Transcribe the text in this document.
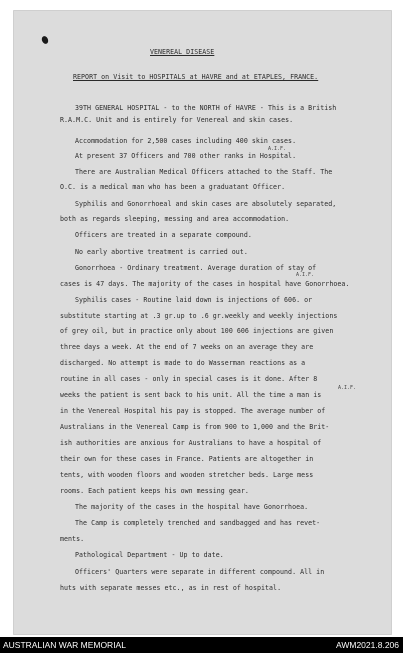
VENEREAL DISEASE
REPORT on Visit to HOSPITALS at HAVRE and at ETAPLES, FRANCE.
39TH GENERAL HOSPITAL - to the NORTH of HAVRE - This is a British
R.A.M.C. Unit and is entirely for Venereal and skin cases.
Accommodation for 2,500 cases including 400 skin cases.
A.I.F.
At present 37 Officers and 700 other ranks in Hospital.
There are Australian Medical Officers attached to the Staff. The
O.C. is a medical man who has been a graduatant Officer.
Syphilis and Gonorrhoeal and skin cases are absolutely separated,
both as regards sleeping, messing and area accommodation.
Officers are treated in a separate compound.
No early abortive treatment is carried out.
Gonorrhoea - Ordinary treatment. Average duration of stay of
cases is 47 days. The majority of the cases in hospital have Gonorrhoea.
Syphilis cases - Routine laid down is injections of 606. or
substitute starting at .3 gr.up to .6 gr.weekly and weekly injections
of grey oil, but in practice only about 100 606 injections are given
three days a week. At the end of 7 weeks on an average they are
discharged. No attempt is made to do Wasserman reactions as a
routine in all cases - only in special cases is it done. After 8
A.I.F.
weeks the patient is sent back to his unit. All the time a man is
in the Venereal Hospital his pay is stopped. The average number of
Australians in the Venereal Camp is from 900 to 1,000 and the Brit-
ish authorities are anxious for Australians to have a hospital of
their own for these cases in France. Patients are altogether in
tents, with wooden floors and wooden stretcher beds. Large mess
rooms. Each patient keeps his own messing gear.
The majority of the cases in the hospital have Gonorrhoea.
The Camp is completely trenched and sandbagged and has revet-
ments.
Pathological Department - Up to date.
Officers' Quarters were separate in different compound. All in
huts with separate messes etc., as in rest of hospital.
A.I.F.
AUSTRALIAN WAR MEMORIAL	AWM2021.8.206
